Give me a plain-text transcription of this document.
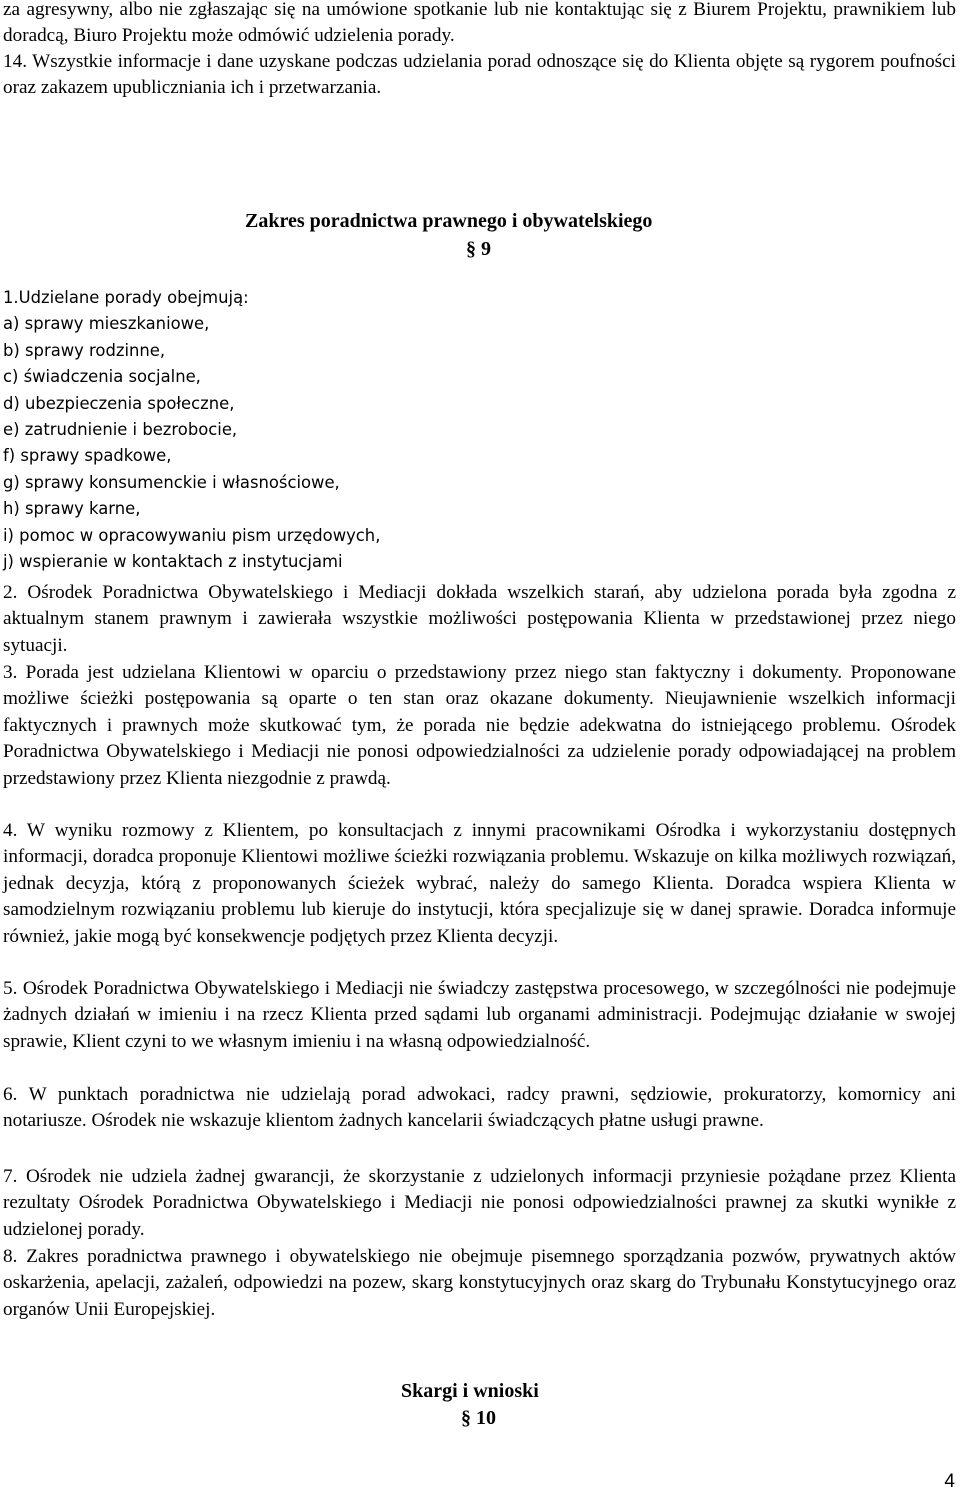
za agresywny, albo nie zgłaszając się na umówione spotkanie lub nie kontaktując się z Biurem Projektu, prawnikiem lub doradcą, Biuro Projektu może odmówić udzielenia porady.
14. Wszystkie informacje i dane uzyskane podczas udzielania porad odnoszące się do Klienta objęte są rygorem poufności oraz zakazem upubliczniania ich i przetwarzania.
Zakres poradnictwa prawnego i obywatelskiego
§ 9
1.Udzielane porady obejmują:
a) sprawy mieszkaniowe,
b) sprawy rodzinne,
c) świadczenia socjalne,
d) ubezpieczenia społeczne,
e) zatrudnienie i bezrobocie,
f) sprawy spadkowe,
g) sprawy konsumenckie i własnościowe,
h) sprawy karne,
i) pomoc w opracowywaniu pism urzędowych,
j) wspieranie w kontaktach z instytucjami
2. Ośrodek Poradnictwa Obywatelskiego i Mediacji dokłada wszelkich starań, aby udzielona porada była zgodna z aktualnym stanem prawnym i zawierała wszystkie możliwości postępowania Klienta w przedstawionej przez niego sytuacji.
3. Porada jest udzielana Klientowi w oparciu o przedstawiony przez niego stan faktyczny i dokumenty. Proponowane możliwe ścieżki postępowania są oparte o ten stan oraz okazane dokumenty. Nieujawnienie wszelkich informacji faktycznych i prawnych może skutkować tym, że porada nie będzie adekwatna do istniejącego problemu. Ośrodek Poradnictwa Obywatelskiego i Mediacji nie ponosi odpowiedzialności za udzielenie porady odpowiadającej na problem przedstawiony przez Klienta niezgodnie z prawdą.
4. W wyniku rozmowy z Klientem, po konsultacjach z innymi pracownikami Ośrodka i wykorzystaniu dostępnych informacji, doradca proponuje Klientowi możliwe ścieżki rozwiązania problemu. Wskazuje on kilka możliwych rozwiązań, jednak decyzja, którą z proponowanych ścieżek wybrać, należy do samego Klienta. Doradca wspiera Klienta w samodzielnym rozwiązaniu problemu lub kieruje do instytucji, która specjalizuje się w danej sprawie. Doradca informuje również, jakie mogą być konsekwencje podjętych przez Klienta decyzji.
5. Ośrodek Poradnictwa Obywatelskiego i Mediacji nie świadczy zastępstwa procesowego, w szczególności nie podejmuje żadnych działań w imieniu i na rzecz Klienta przed sądami lub organami administracji. Podejmując działanie w swojej sprawie, Klient czyni to we własnym imieniu i na własną odpowiedzialność.
6. W punktach poradnictwa nie udzielają porad adwokaci, radcy prawni, sędziowie, prokuratorzy, komornicy ani notariusze. Ośrodek nie wskazuje klientom żadnych kancelarii świadczących płatne usługi prawne.
7. Ośrodek nie udziela żadnej gwarancji, że skorzystanie z udzielonych informacji przyniesie pożądane przez Klienta rezultaty Ośrodek Poradnictwa Obywatelskiego i Mediacji nie ponosi odpowiedzialności prawnej za skutki wynikłe z udzielonej porady.
8. Zakres poradnictwa prawnego i obywatelskiego nie obejmuje pisemnego sporządzania pozwów, prywatnych aktów oskarżenia, apelacji, zażaleń, odpowiedzi na pozew, skarg konstytucyjnych oraz skarg do Trybunału Konstytucyjnego oraz organów Unii Europejskiej.
Skargi i wnioski
§ 10
4
